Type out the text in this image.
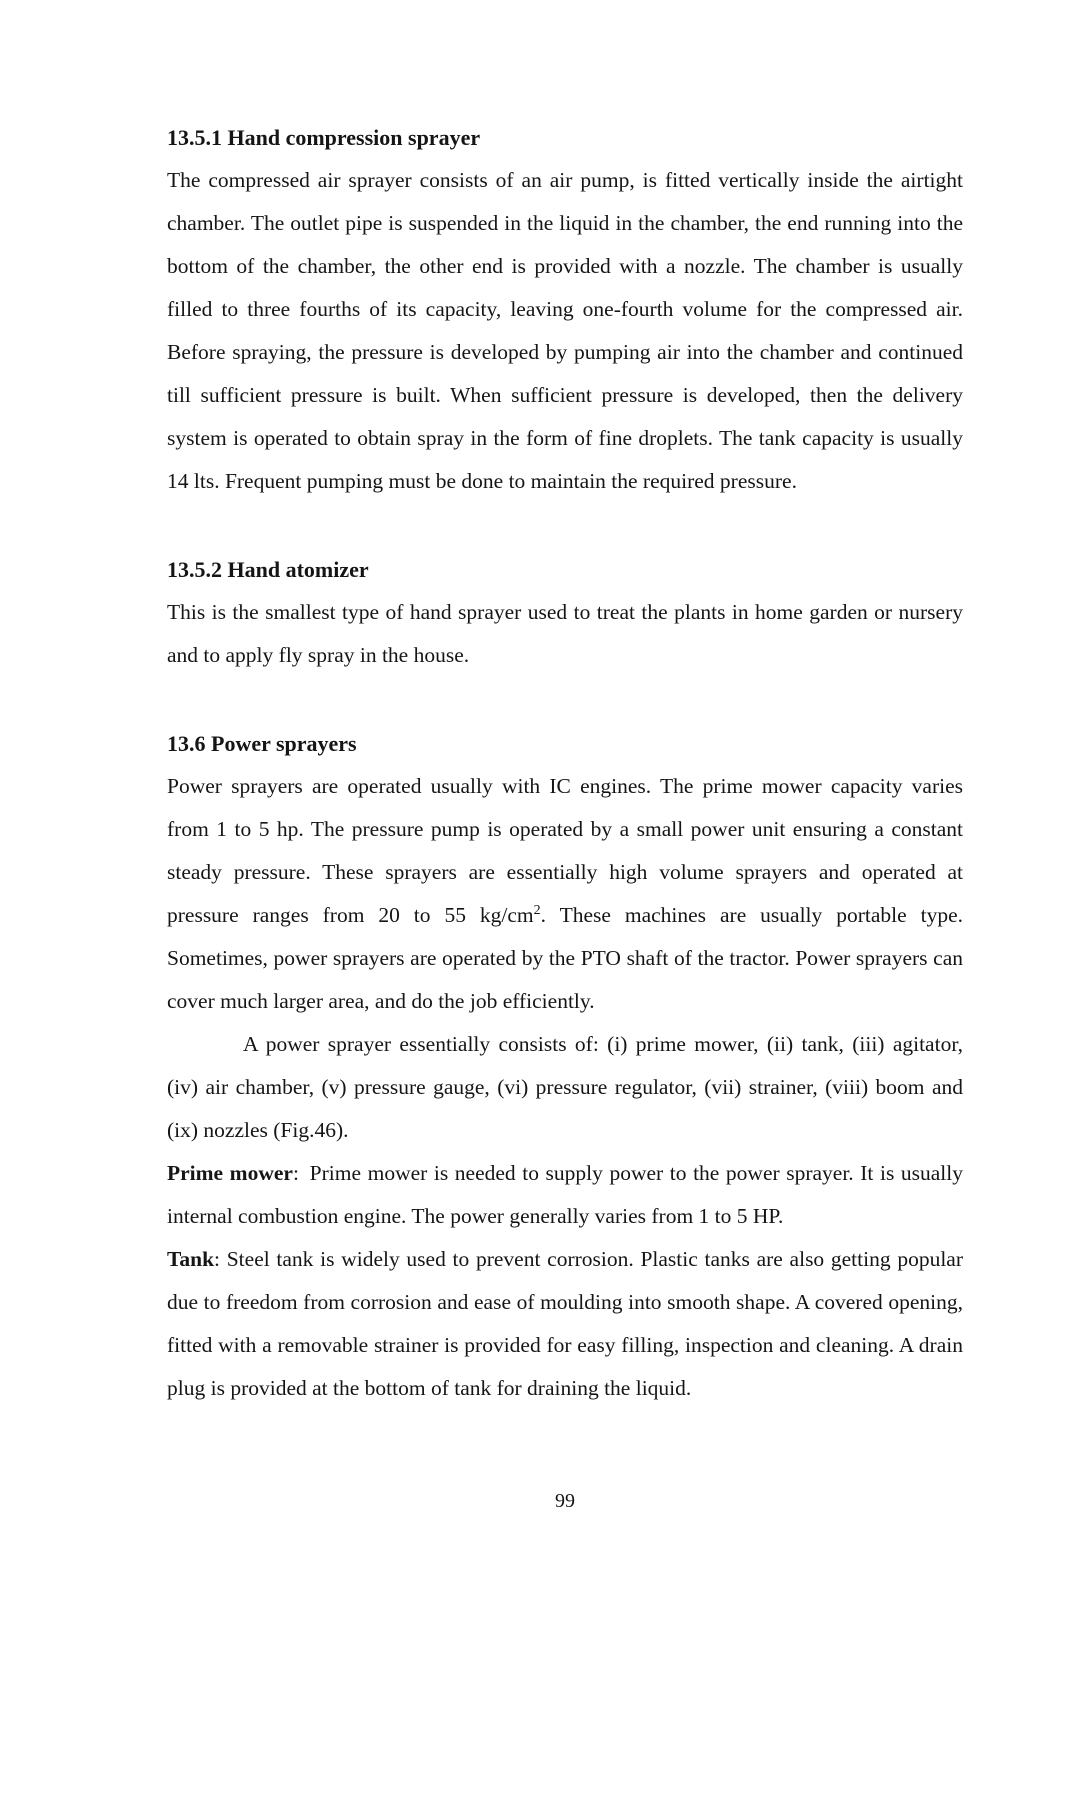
13.5.1 Hand compression sprayer

The compressed air sprayer consists of an air pump, is fitted vertically inside the airtight chamber. The outlet pipe is suspended in the liquid in the chamber, the end running into the bottom of the chamber, the other end is provided with a nozzle. The chamber is usually filled to three fourths of its capacity, leaving one-fourth volume for the compressed air. Before spraying, the pressure is developed by pumping air into the chamber and continued till sufficient pressure is built. When sufficient pressure is developed, then the delivery system is operated to obtain spray in the form of fine droplets. The tank capacity is usually 14 lts. Frequent pumping must be done to maintain the required pressure.

13.5.2 Hand atomizer

This is the smallest type of hand sprayer used to treat the plants in home garden or nursery and to apply fly spray in the house.

13.6 Power sprayers

Power sprayers are operated usually with IC engines. The prime mower capacity varies from 1 to 5 hp. The pressure pump is operated by a small power unit ensuring a constant steady pressure. These sprayers are essentially high volume sprayers and operated at pressure ranges from 20 to 55 $kg/cm^2$. These machines are usually portable type. Sometimes, power sprayers are operated by the PTO shaft of the tractor. Power sprayers can cover much larger area, and do the job efficiently.

A power sprayer essentially consists of: (i) prime mower, (ii) tank, (iii) agitator, (iv) air chamber, (v) pressure gauge, (vi) pressure regulator, (vii) strainer, (viii) boom and (ix) nozzles (Fig.46).

Prime mower: Prime mower is needed to supply power to the power sprayer. It is usually internal combustion engine. The power generally varies from 1 to 5 HP.

Tank: Steel tank is widely used to prevent corrosion. Plastic tanks are also getting popular due to freedom from corrosion and ease of moulding into smooth shape. A covered opening, fitted with a removable strainer is provided for easy filling, inspection and cleaning. A drain plug is provided at the bottom of tank for draining the liquid.

99
